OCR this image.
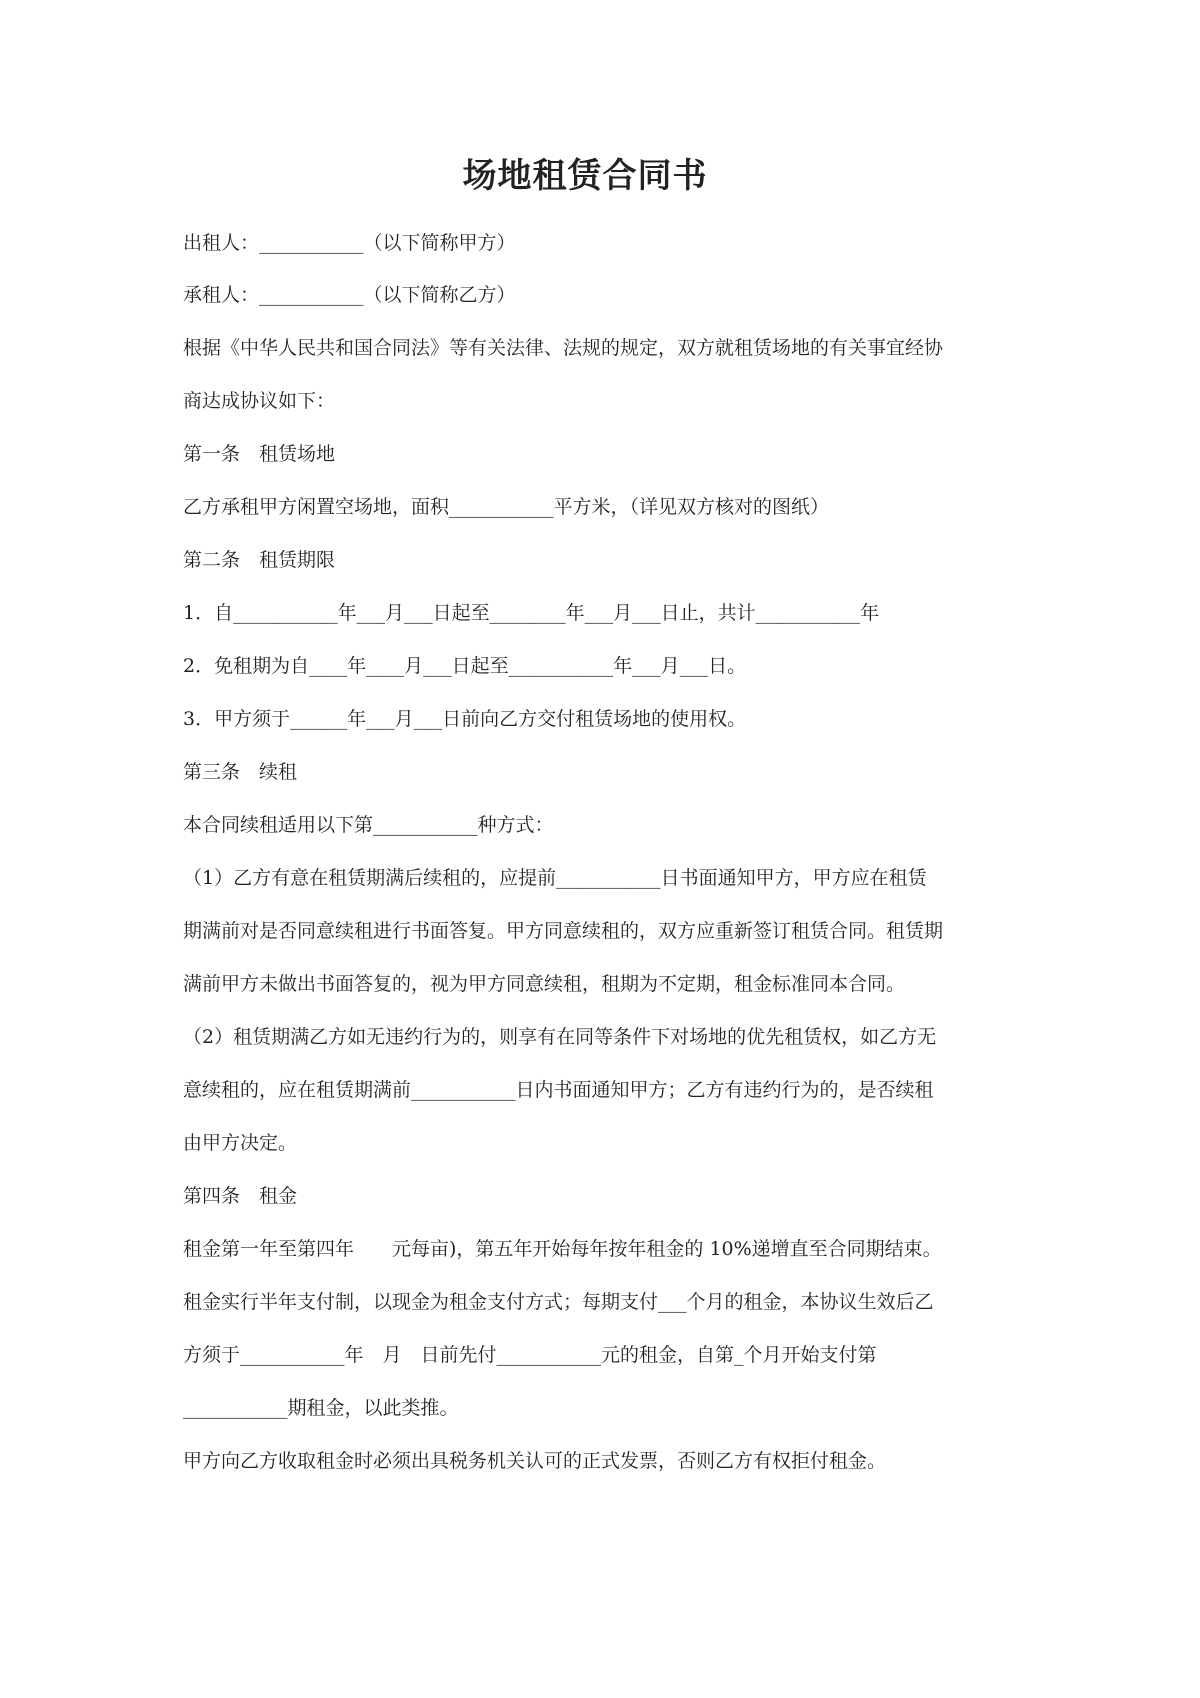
场地租赁合同书

出租人：___________（以下简称甲方）

承租人：___________（以下简称乙方）

根据《中华人民共和国合同法》等有关法律、法规的规定，双方就租赁场地的有关事宜经协

商达成协议如下：

第一条　租赁场地

乙方承租甲方闲置空场地，面积___________平方米，（详见双方核对的图纸）

第二条　租赁期限

1．自___________年___月___日起至________年___月___日止，共计___________年

2．免租期为自____年____月___日起至___________年___月___日。

3．甲方须于______年___月___日前向乙方交付租赁场地的使用权。

第三条　续租

本合同续租适用以下第___________种方式：

（1）乙方有意在租赁期满后续租的，应提前___________日书面通知甲方，甲方应在租赁

期满前对是否同意续租进行书面答复。甲方同意续租的，双方应重新签订租赁合同。租赁期

满前甲方未做出书面答复的，视为甲方同意续租，租期为不定期，租金标准同本合同。

（2）租赁期满乙方如无违约行为的，则享有在同等条件下对场地的优先租赁权，如乙方无

意续租的，应在租赁期满前___________日内书面通知甲方；乙方有违约行为的，是否续租

由甲方决定。

第四条　租金

租金第一年至第四年　　元每亩)，第五年开始每年按年租金的 10%递增直至合同期结束。

租金实行半年支付制，以现金为租金支付方式；每期支付___个月的租金，本协议生效后乙

方须于___________年　月　日前先付___________元的租金，自第_个月开始支付第

___________期租金，以此类推。

甲方向乙方收取租金时必须出具税务机关认可的正式发票，否则乙方有权拒付租金。
